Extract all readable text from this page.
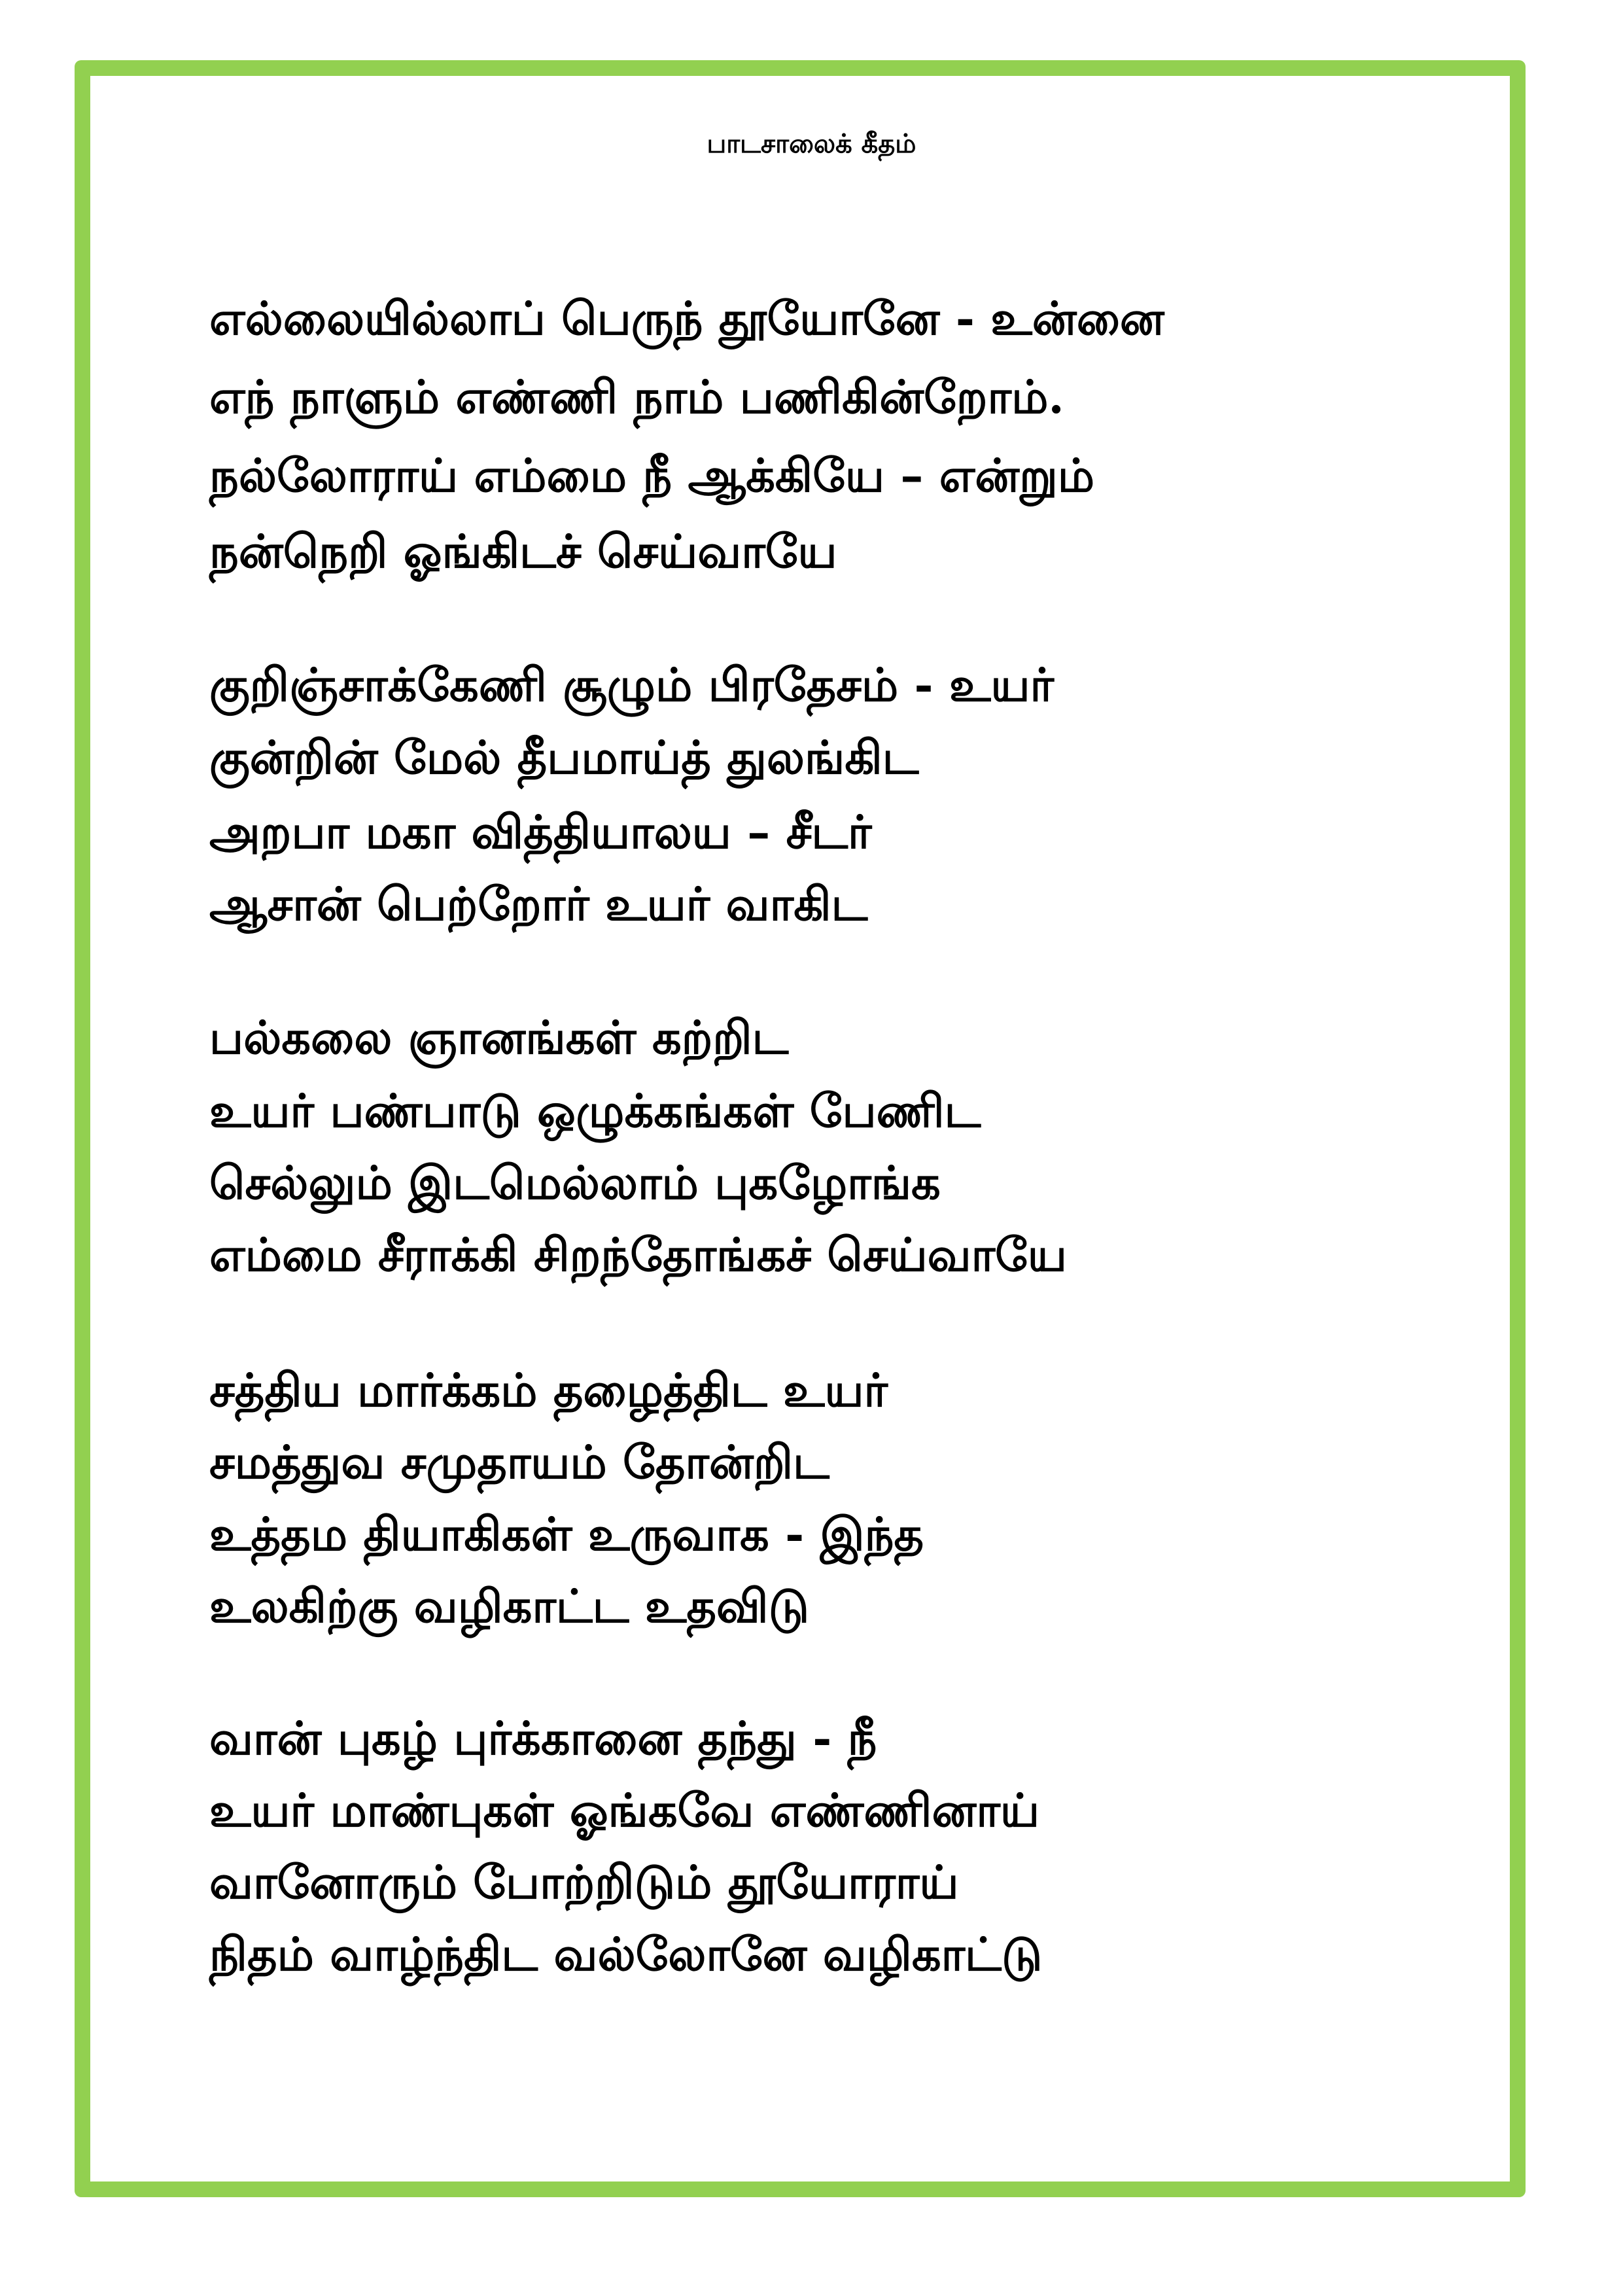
பாடசாலைக் கீதம்
எல்லையில்லாப் பெருந் தூயோனே - உன்னை
எந் நாளும் எண்ணி நாம் பணிகின்றோம்.
நல்லோராய் எம்மை நீ ஆக்கியே – என்றும்
நன்நெறி ஓங்கிடச் செய்வாயே
குறிஞ்சாக்கேணி சூழும் பிரதேசம் - உயர்
குன்றின் மேல் தீபமாய்த் துலங்கிட
அறபா மகா வித்தியாலய – சீடர்
ஆசான் பெற்றோர் உயர் வாகிட
பல்கலை ஞானங்கள் கற்றிட
உயர் பண்பாடு ஒழுக்கங்கள் பேணிட
செல்லும் இடமெல்லாம் புகழோங்க
எம்மை சீராக்கி சிறந்தோங்கச் செய்வாயே
சத்திய மார்க்கம் தழைத்திட உயர்
சமத்துவ சமுதாயம் தோன்றிட
உத்தம தியாகிகள் உருவாக - இந்த
உலகிற்கு வழிகாட்ட உதவிடு
வான் புகழ் புர்க்கானை தந்து - நீ
உயர் மாண்புகள் ஓங்கவே எண்ணினாய்
வானோரும் போற்றிடும் தூயோராய்
நிதம் வாழ்ந்திட வல்லோனே வழிகாட்டு
